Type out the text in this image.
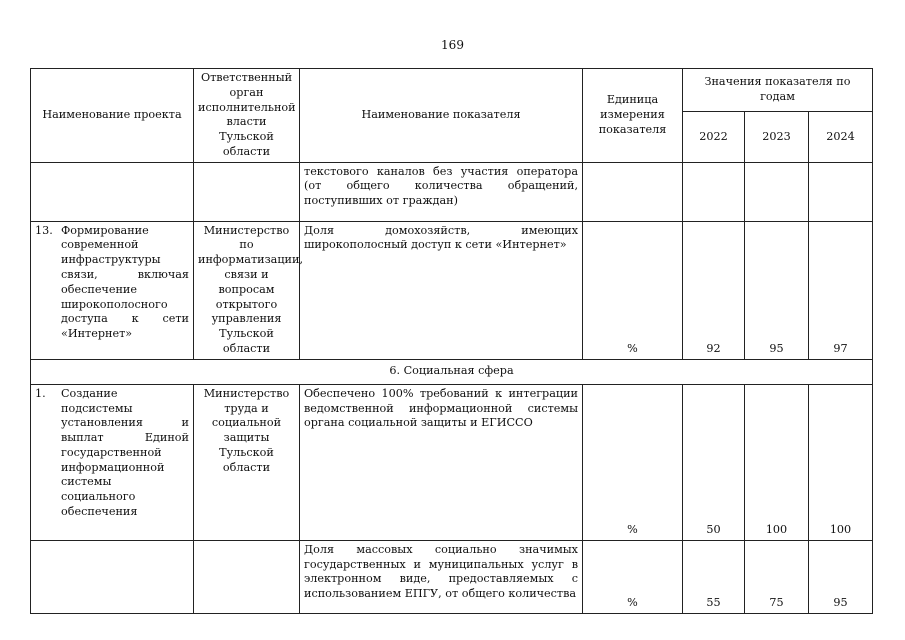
169
Наименование проекта	Ответственный орган исполнительной власти Тульской области	Наименование показателя	Единица измерения показателя	Значения показателя по годам		
				2022	2023	2024
		текстового каналов без участия оператора (от общего количества обращений, поступивших от граждан)				

13. Формирование современной инфраструктуры связи, включая обеспечение широкополосного доступа к сети «Интернет»	Министерство по информатизации, связи и вопросам открытого управления Тульской области	Доля домохозяйств, имеющих широкополосный доступ к сети «Интернет»	%	92	95	97
6. Социальная сфера						

1. Создание подсистемы установления и выплат Единой государственной информационной системы социального обеспечения	Министерство труда и социальной защиты Тульской области	Обеспечено 100% требований к интеграции ведомственной информационной системы органа социальной защиты и ЕГИССО	%	50	100	100
		Доля массовых социально значимых государственных и муниципальных услуг в электронном виде, предоставляемых с использованием ЕПГУ, от общего количества	%	55	75	95
